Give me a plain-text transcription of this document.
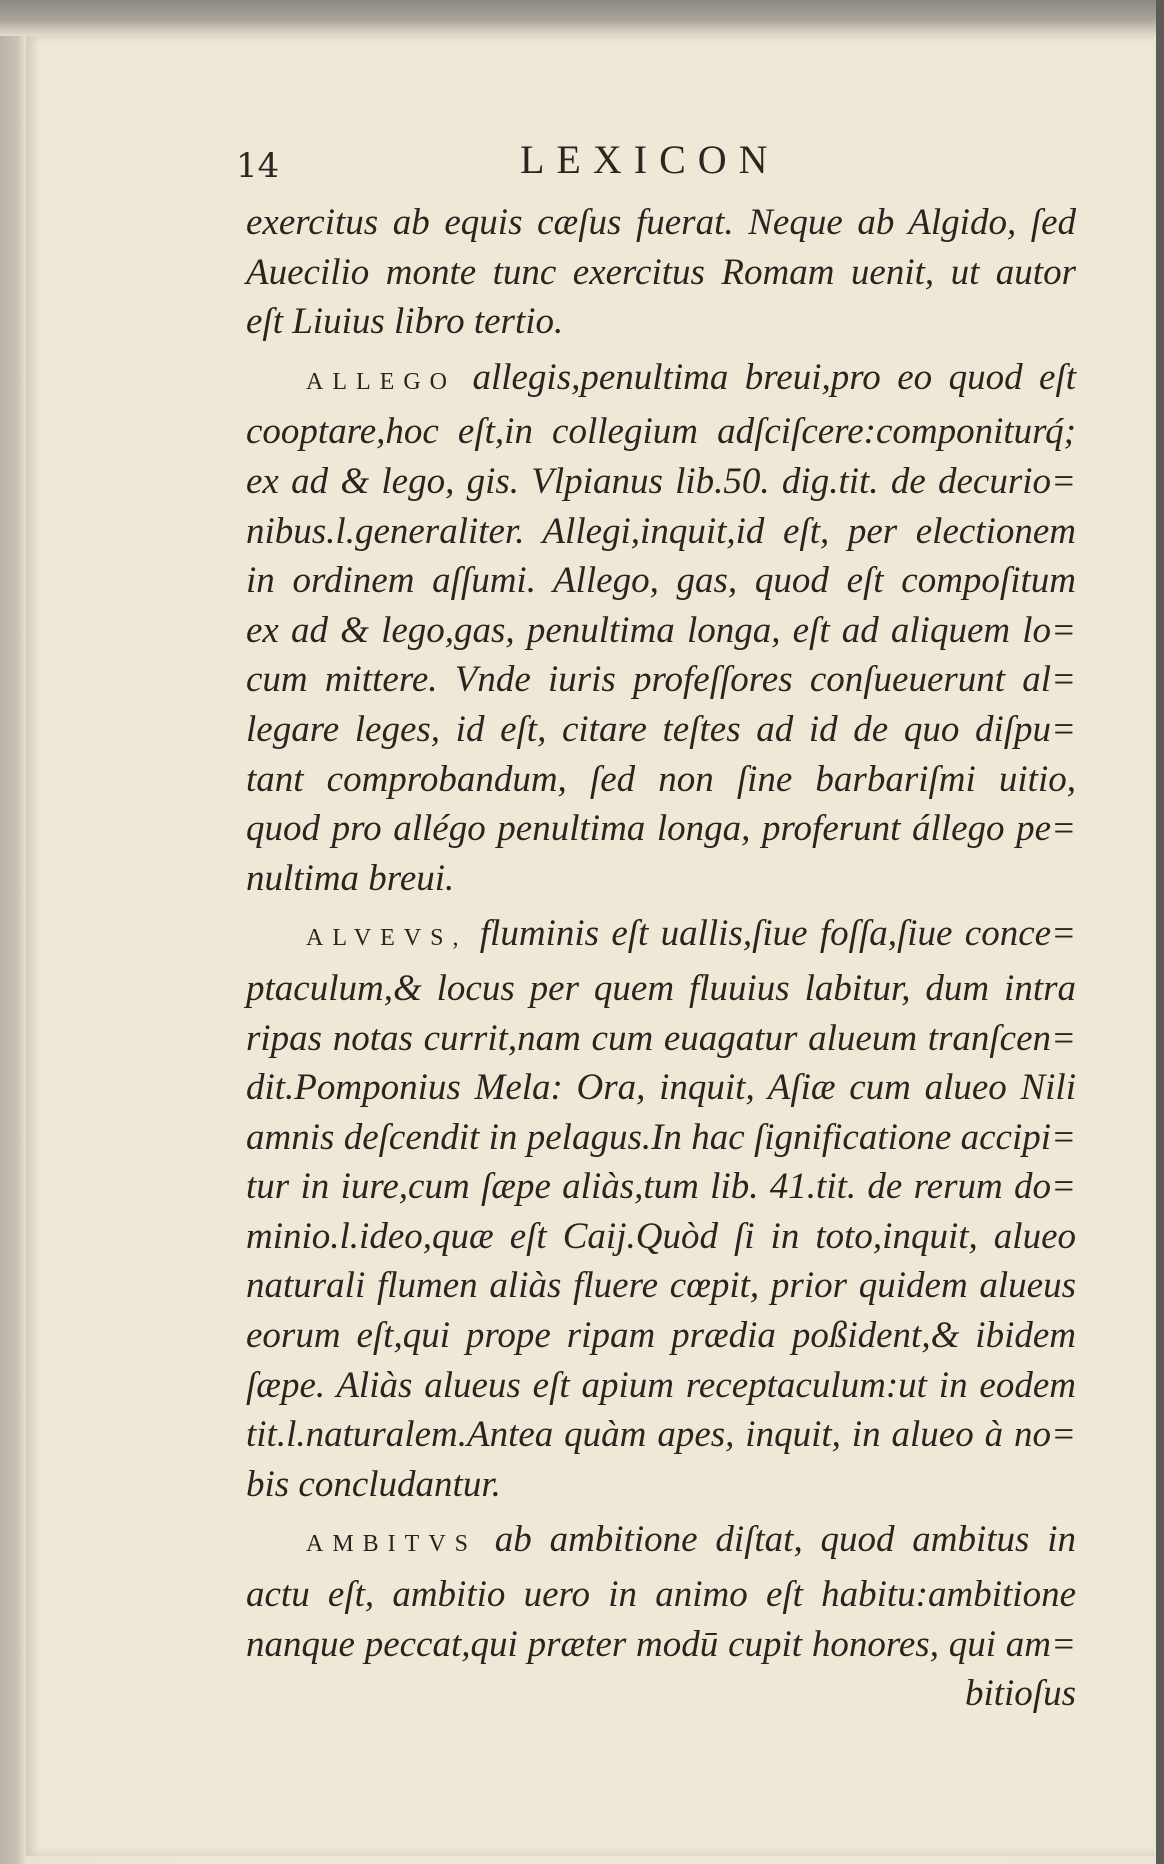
14	LEXICON
exercitus ab equis cæſus fuerat. Neque ab Algido, ſed
Auecilio monte tunc exercitus Romam uenit, ut autor
eſt Liuius libro tertio.
ALLEGO allegis,penultima breui,pro eo quod eſt
cooptare,hoc eſt,in collegium adſciſcere:componiturq́;
ex ad & lego, gis. Vlpianus lib.50. dig.tit. de decurio=
nibus.l.generaliter. Allegi,inquit,id eſt, per electionem
in ordinem aſſumi. Allego, gas, quod eſt compoſitum
ex ad & lego,gas, penultima longa, eſt ad aliquem lo=
cum mittere. Vnde iuris profeſſores conſueuerunt al=
legare leges, id eſt, citare teſtes ad id de quo diſpu=
tant comprobandum, ſed non ſine barbariſmi uitio,
quod pro allégo penultima longa, proferunt állego pe=
nultima breui.
ALVEVS, fluminis eſt uallis,ſiue foſſa,ſiue conce=
ptaculum,& locus per quem fluuius labitur, dum intra
ripas notas currit,nam cum euagatur alueum tranſcen=
dit.Pomponius Mela: Ora, inquit, Aſiæ cum alueo Nili
amnis deſcendit in pelagus.In hac ſignificatione accipi=
tur in iure,cum ſæpe aliàs,tum lib. 41.tit. de rerum do=
minio.l.ideo,quæ eſt Caij.Quòd ſi in toto,inquit, alueo
naturali flumen aliàs fluere cœpit, prior quidem alueus
eorum eſt,qui prope ripam prædia poßident,& ibidem
ſæpe. Aliàs alueus eſt apium receptaculum:ut in eodem
tit.l.naturalem.Antea quàm apes, inquit, in alueo à no=
bis concludantur.
AMBITVS ab ambitione diſtat, quod ambitus in
actu eſt, ambitio uero in animo eſt habitu:ambitione
nanque peccat,qui præter modū cupit honores, qui am=
bitioſus
